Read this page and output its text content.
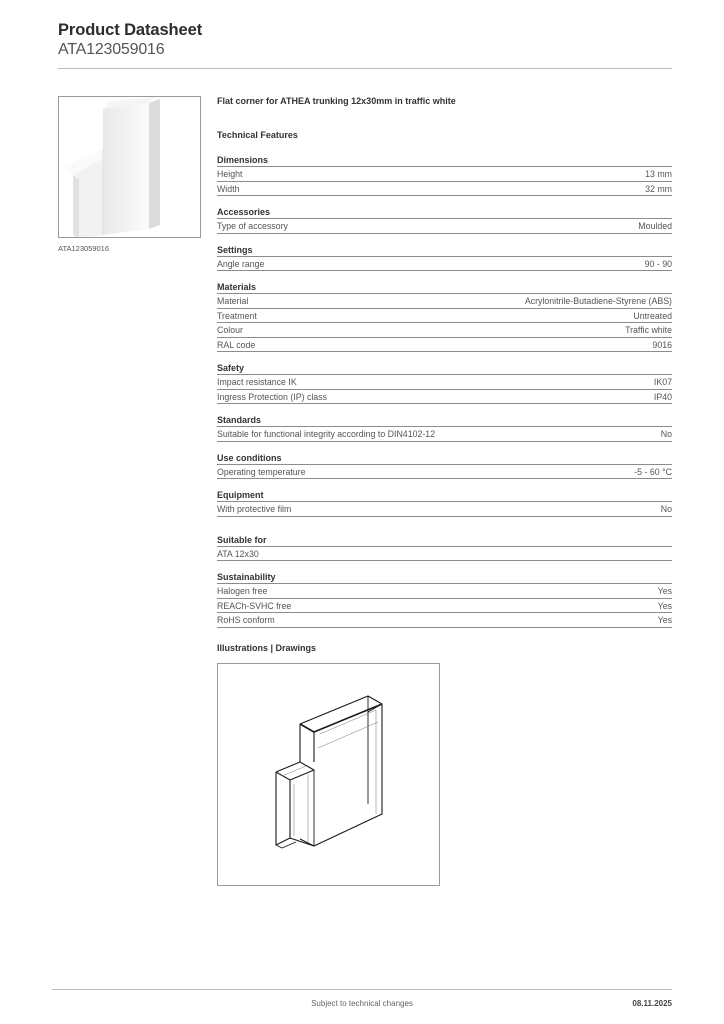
Product Datasheet
ATA123059016
ATA123059016
Flat corner for ATHEA trunking 12x30mm in traffic white
Technical Features
Dimensions
Height	13 mm
Width	32 mm
Accessories
Type of accessory	Moulded
Settings
Angle range	90 - 90
Materials
Material	Acrylonitrile-Butadiene-Styrene (ABS)
Treatment	Untreated
Colour	Traffic white
RAL code	9016
Safety
Impact resistance IK	IK07
Ingress Protection (IP) class	IP40
Standards
Suitable for functional integrity according to DIN4102-12	No
Use conditions
Operating temperature	-5 - 60 °C
Equipment
With protective film	No
Suitable for
ATA 12x30
Sustainability
Halogen free	Yes
REACh-SVHC free	Yes
RoHS conform	Yes
Illustrations | Drawings
Subject to technical changes	08.11.2025
